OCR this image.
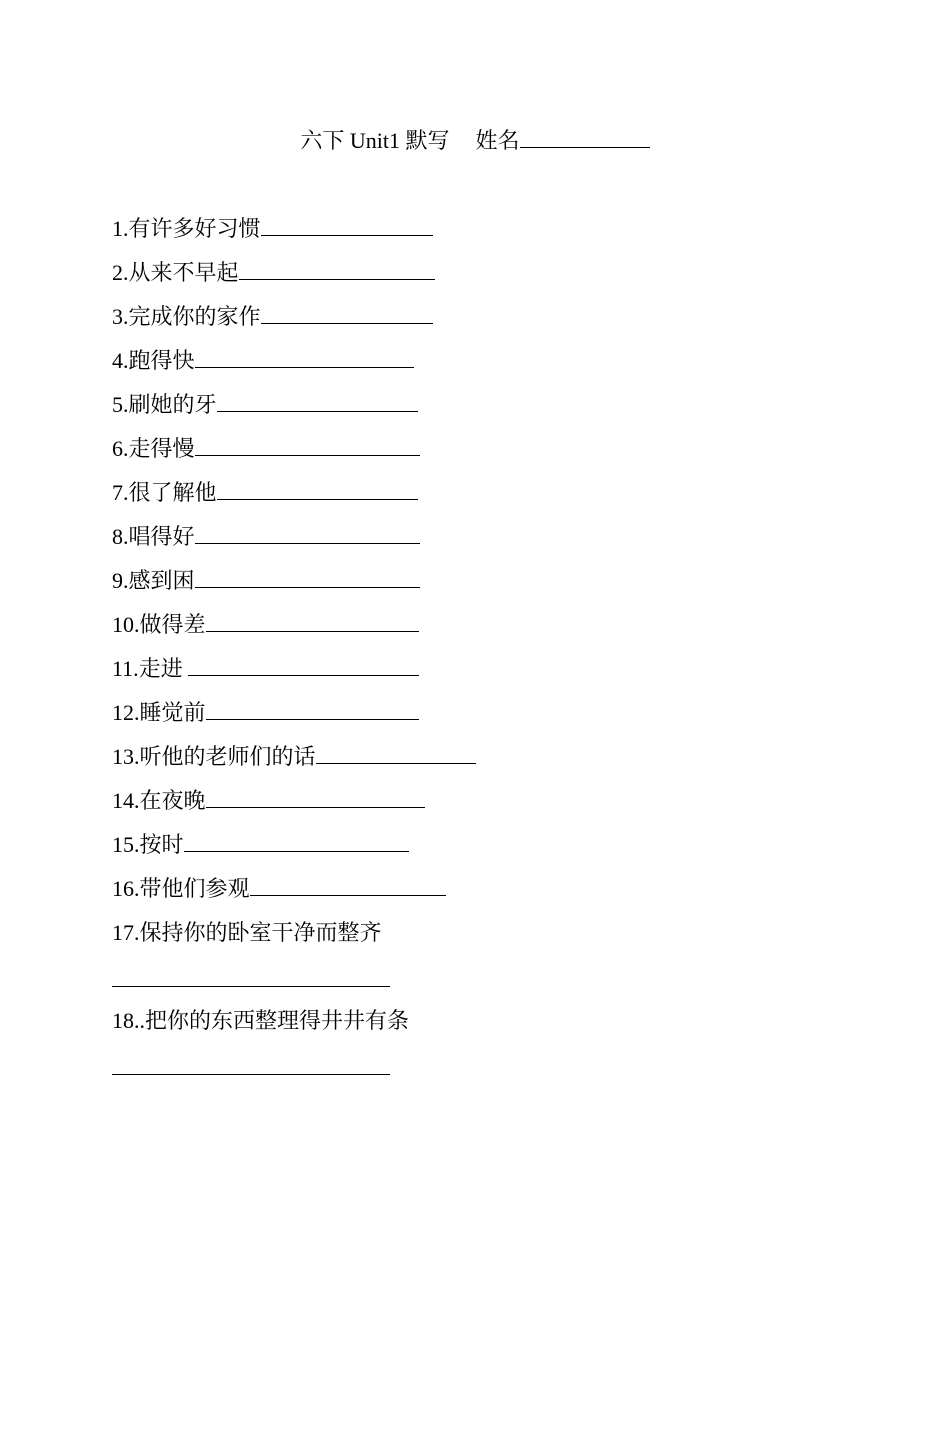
六下 Unit1 默写 姓名
1. 有许多好习惯
2. 从来不早起
3. 完成你的家作
4. 跑得快
5. 刷她的牙
6. 走得慢
7. 很了解他
8. 唱得好
9. 感到困
10. 做得差
11. 走进
12. 睡觉前
13. 听他的老师们的话
14. 在夜晚
15. 按时
16. 带他们参观
17. 保持你的卧室干净而整齐
18.. 把你的东西整理得井井有条
